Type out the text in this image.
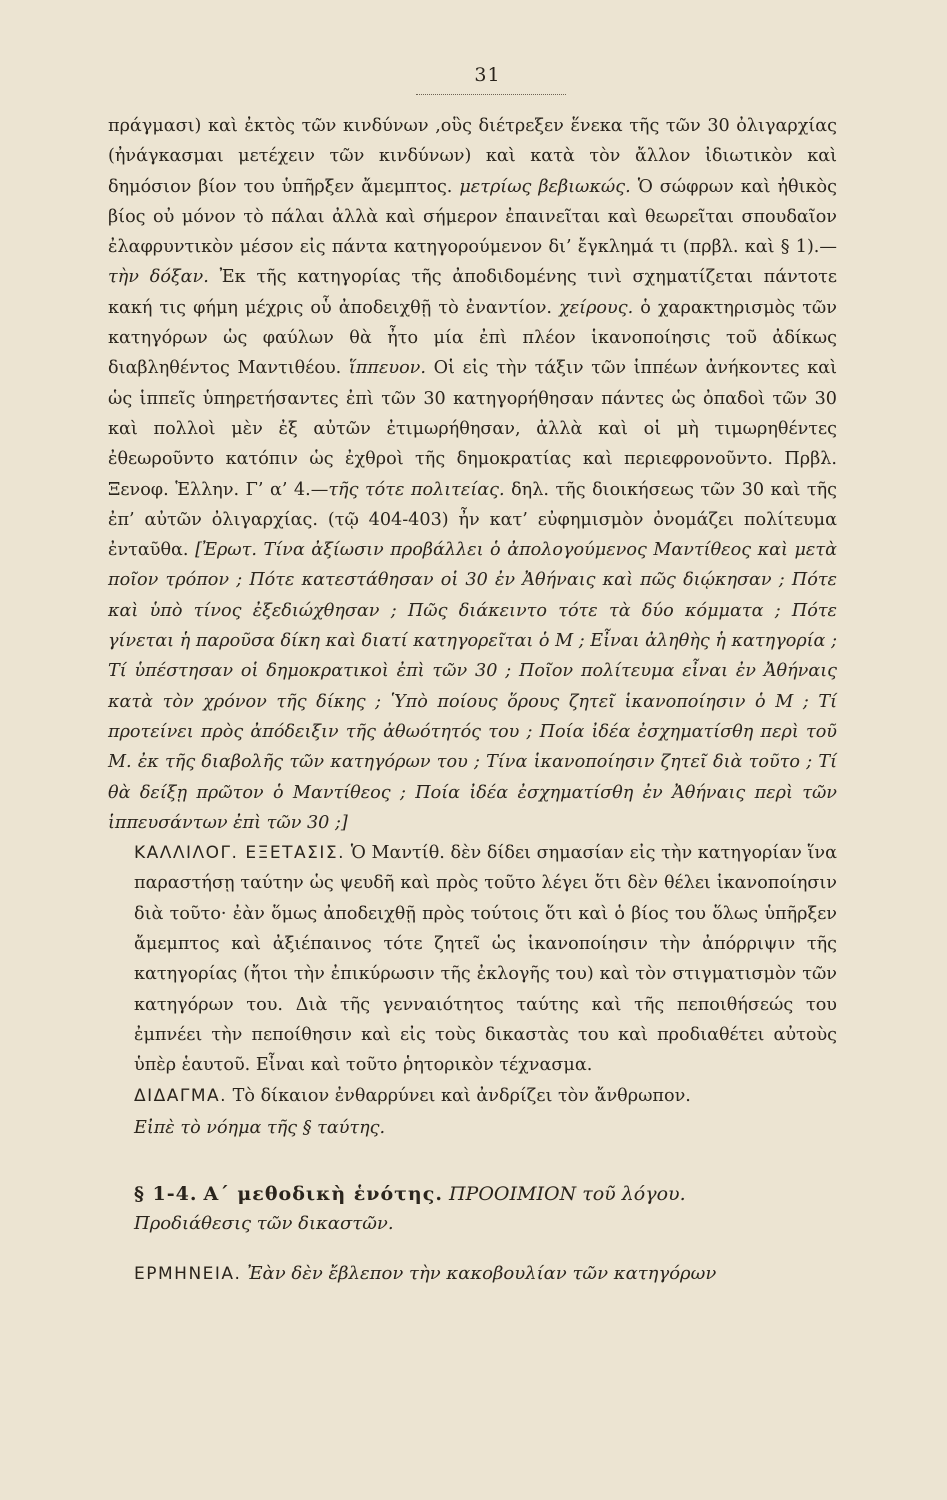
31

πράγμασι) καὶ ἐκτὸς τῶν κινδύνων ,οὓς διέτρεξεν ἕνεκα τῆς τῶν 30 ὀλιγαρχίας (ἠνάγκασμαι μετέχειν τῶν κινδύνων) καὶ κατὰ τὸν ἄλλον ἰδιωτικὸν καὶ δημόσιον βίον του ὑπῆρξεν ἄμεμπτος. μετρίως βεβιωκώς. Ὁ σώφρων καὶ ἠθικὸς βίος οὐ μόνον τὸ πάλαι ἀλλὰ καὶ σήμερον ἐπαινεῖται καὶ θεωρεῖται σπουδαῖον ἐλαφρυντικὸν μέσον εἰς πάντα κατηγορούμενον δι’ ἔγκλημά τι (πρβλ. καὶ § 1).—τὴν δόξαν. Ἐκ τῆς κατηγορίας τῆς ἀποδιδομένης τινὶ σχηματίζεται πάντοτε κακή τις φήμη μέχρις οὗ ἀποδειχθῇ τὸ ἐναντίον. χείρους. ὁ χαρακτηρισμὸς τῶν κατηγόρων ὡς φαύλων θὰ ἦτο μία ἐπὶ πλέον ἱκανοποίησις τοῦ ἀδίκως διαβληθέντος Μαντιθέου. ἵππευον. Οἱ εἰς τὴν τάξιν τῶν ἱππέων ἀνήκοντες καὶ ὡς ἱππεῖς ὑπηρετήσαντες ἐπὶ τῶν 30 κατηγορήθησαν πάντες ὡς ὀπαδοὶ τῶν 30 καὶ πολλοὶ μὲν ἐξ αὐτῶν ἐτιμωρήθησαν, ἀλλὰ καὶ οἱ μὴ τιμωρηθέντες ἐθεωροῦντο κατόπιν ὡς ἐχθροὶ τῆς δημοκρατίας καὶ περιεφρονοῦντο. Πρβλ. Ξενοφ. Ἑλλην. Γ’ α’ 4.—τῆς τότε πολιτείας. δηλ. τῆς διοικήσεως τῶν 30 καὶ τῆς ἐπ’ αὐτῶν ὀλιγαρχίας. (τῷ 404-403) ἦν κατ’ εὐφημισμὸν ὀνομάζει πολίτευμα ἐνταῦθα. [Ἐρωτ. Τίνα ἀξίωσιν προβάλλει ὁ ἀπολογούμενος Μαντίθεος καὶ μετὰ ποῖον τρόπον ; Πότε κατεστάθησαν οἱ 30 ἐν Ἀθήναις καὶ πῶς διῴκησαν ; Πότε καὶ ὑπὸ τίνος ἐξεδιώχθησαν ; Πῶς διάκειντο τότε τὰ δύο κόμματα ; Πότε γίνεται ἡ παροῦσα δίκη καὶ διατί κατηγορεῖται ὁ Μ ; Εἶναι ἀληθὴς ἡ κατηγορία ; Τί ὑπέστησαν οἱ δημοκρατικοὶ ἐπὶ τῶν 30 ; Ποῖον πολίτευμα εἶναι ἐν Ἀθήναις κατὰ τὸν χρόνον τῆς δίκης ; Ὑπὸ ποίους ὅρους ζητεῖ ἱκανοποίησιν ὁ Μ ; Τί προτείνει πρὸς ἀπόδειξιν τῆς ἀθωότητός του ; Ποία ἰδέα ἐσχηματίσθη περὶ τοῦ Μ. ἐκ τῆς διαβολῆς τῶν κατηγόρων του ; Τίνα ἱκανοποίησιν ζητεῖ διὰ τοῦτο ; Τί θὰ δείξῃ πρῶτον ὁ Μαντίθεος ; Ποία ἰδέα ἐσχηματίσθη ἐν Ἀθήναις περὶ τῶν ἱππευσάντων ἐπὶ τῶν 30 ;]

ΚΑΛΛΙΛΟΓ. ΕΞΕΤΑΣΙΣ. Ὁ Μαντίθ. δὲν δίδει σημασίαν εἰς τὴν κατηγορίαν ἵνα παραστήσῃ ταύτην ὡς ψευδῆ καὶ πρὸς τοῦτο λέγει ὅτι δὲν θέλει ἱκανοποίησιν διὰ τοῦτο· ἐὰν ὅμως ἀποδειχθῇ πρὸς τούτοις ὅτι καὶ ὁ βίος του ὅλως ὑπῆρξεν ἄμεμπτος καὶ ἀξιέπαινος τότε ζητεῖ ὡς ἱκανοποίησιν τὴν ἀπόρριψιν τῆς κατηγορίας (ἤτοι τὴν ἐπικύρωσιν τῆς ἐκλογῆς του) καὶ τὸν στιγματισμὸν τῶν κατηγόρων του. Διὰ τῆς γενναιότητος ταύτης καὶ τῆς πεποιθήσεώς του ἐμπνέει τὴν πεποίθησιν καὶ εἰς τοὺς δικαστὰς του καὶ προδιαθέτει αὐτοὺς ὑπὲρ ἑαυτοῦ. Εἶναι καὶ τοῦτο ῥητορικὸν τέχνασμα.

ΔΙΔΑΓΜΑ. Τὸ δίκαιον ἐνθαρρύνει καὶ ἀνδρίζει τὸν ἄνθρωπον.

Εἰπὲ τὸ νόημα τῆς § ταύτης.

§ 1-4. Α΄ μεθοδικὴ ἑνότης. ΠΡΟΟΙΜΙΟΝ τοῦ λόγου.
Προδιάθεσις τῶν δικαστῶν.

ΕΡΜΗΝΕΙΑ. Ἐὰν δὲν ἔβλεπον τὴν κακοβουλίαν τῶν κατηγόρων
